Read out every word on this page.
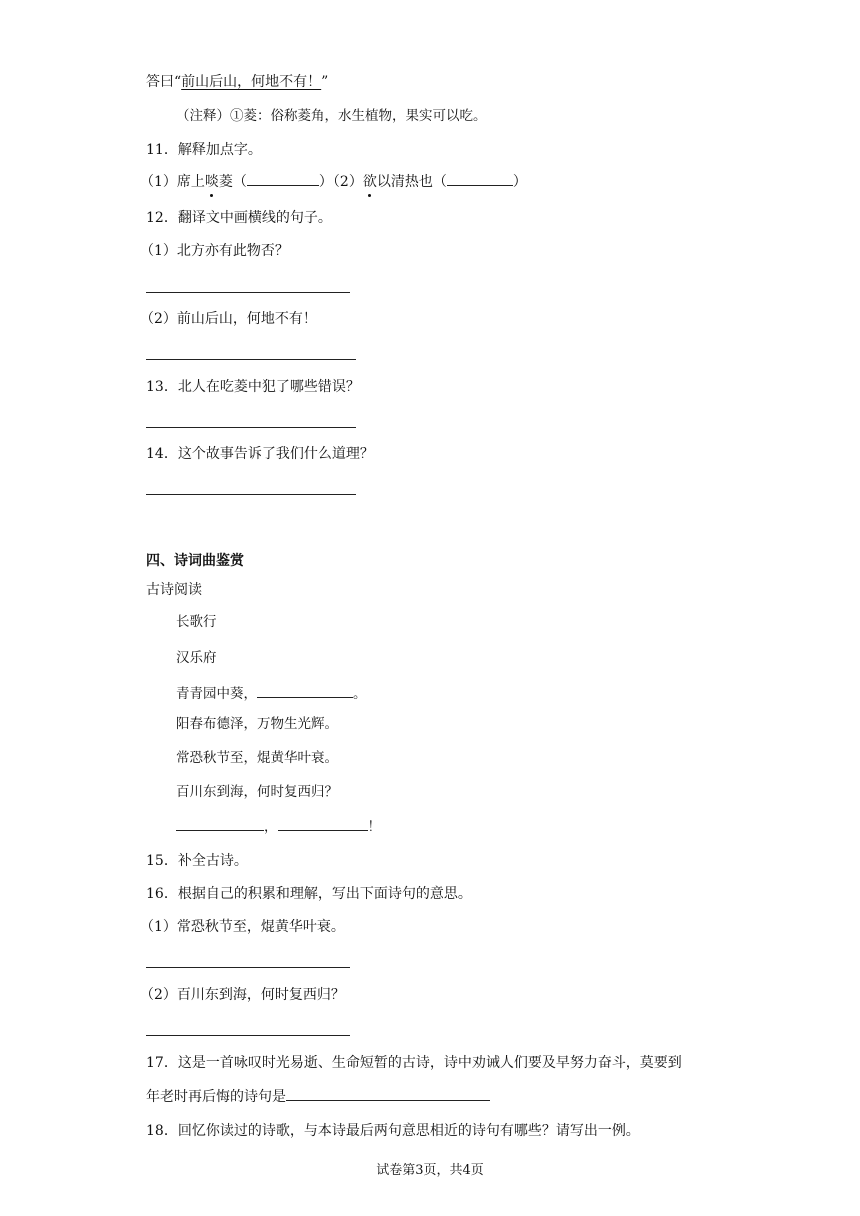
答曰“前山后山，何地不有！”
（注释）①菱：俗称菱角，水生植物，果实可以吃。
11．解释加点字。
（1）席上啖菱（	）（2）欲以清热也（	）
12．翻译文中画横线的句子。
（1）北方亦有此物否？
（2）前山后山，何地不有！
13．北人在吃菱中犯了哪些错误？
14．这个故事告诉了我们什么道理？
四、诗词曲鉴赏
古诗阅读
长歌行
汉乐府
青青园中葵，	。
阳春布德泽，万物生光辉。
常恐秋节至，焜黄华叶衰。
百川东到海，何时复西归？
，	！
15．补全古诗。
16．根据自己的积累和理解，写出下面诗句的意思。
（1）常恐秋节至，焜黄华叶衰。
（2）百川东到海，何时复西归？
17．这是一首咏叹时光易逝、生命短暂的古诗，诗中劝诫人们要及早努力奋斗，莫要到
年老时再后悔的诗句是
18．回忆你读过的诗歌，与本诗最后两句意思相近的诗句有哪些？请写出一例。
试卷第3页，共4页
